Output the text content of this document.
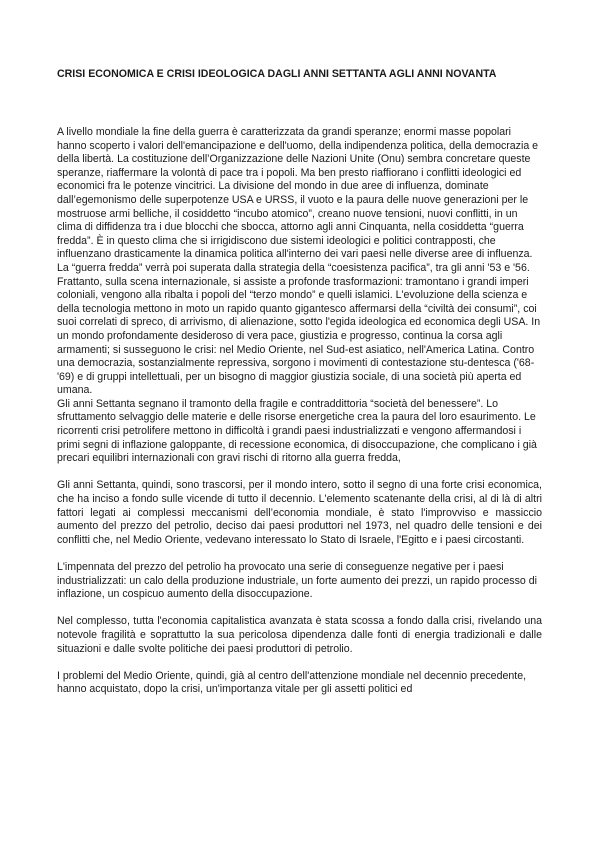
CRISI ECONOMICA E CRISI IDEOLOGICA DAGLI ANNI SETTANTA AGLI ANNI NOVANTA

A livello mondiale la fine della guerra è caratterizzata da grandi speranze; enormi masse popolari hanno scoperto i valori dell'emancipazione e dell'uomo, della indipendenza politica, della democrazia e della libertà. La costituzione dell’Organizzazione delle Nazioni Unite (Onu) sembra concretare queste speranze, riaffermare la volontà di pace tra i popoli. Ma ben presto riaffiorano i conflitti ideologici ed economici fra le potenze vincitrici. La divisione del mondo in due aree di influenza, dominate dall’egemonismo delle superpotenze USA e URSS, il vuoto e la paura delle nuove generazioni per le mostruose armi belliche, il cosiddetto “incubo atomico”, creano nuove tensioni, nuovi conflitti, in un clima di diffidenza tra i due blocchi che sbocca, attorno agli anni Cinquanta, nella cosiddetta “guerra fredda”. È in questo clima che si irrigidiscono due sistemi ideologici e politici contrapposti, che influenzano drasticamente la dinamica politica all'interno dei vari paesi nelle diverse aree di influenza. La “guerra fredda” verrà poi superata dalla strategia della “coesistenza pacifica”, tra gli anni '53 e '56.

Frattanto, sulla scena internazionale, si assiste a profonde trasformazioni: tramontano i grandi imperi coloniali, vengono alla ribalta i popoli del “terzo mondo” e quelli islamici. L'evoluzione della scienza e della tecnologia mettono in moto un rapido quanto gigantesco affermarsi della “civiltà dei consumi”, coi suoi correlati di spreco, di arrivismo, di alienazione, sotto l'egida ideologica ed economica degli USA. In un mondo profondamente desideroso di vera pace, giustizia e progresso, continua la corsa agli armamenti; si susseguono le crisi: nel Medio Oriente, nel Sud-est asiatico, nell'America Latina. Contro una democrazia, sostanzialmente repressiva, sorgono i movimenti di contestazione stu-dentesca ('68-'69) e di gruppi intellettuali, per un bisogno di maggior giustizia sociale, di una società più aperta ed umana.

Gli anni Settanta segnano il tramonto della fragile e contraddittoria “società del benessere”. Lo sfruttamento selvaggio delle materie e delle risorse energetiche crea la paura del loro esaurimento. Le ricorrenti crisi petrolifere mettono in difficoltà i grandi paesi industrializzati e vengono affermandosi i primi segni di inflazione galoppante, di recessione economica, di disoccupazione, che complicano i già precari equilibri internazionali con gravi rischi di ritorno alla guerra fredda,

Gli anni Settanta, quindi, sono trascorsi, per il mondo intero, sotto il segno di una forte crisi economica, che ha inciso a fondo sulle vicende di tutto il decennio. L'elemento scatenante della crisi, al di là di altri fattori legati ai complessi meccanismi dell’economia mondiale, è stato l'improvviso e massiccio aumento del prezzo del petrolio, deciso dai paesi produttori nel 1973, nel quadro delle tensioni e dei conflitti che, nel Medio Oriente, vedevano interessato lo Stato di Israele, l'Egitto e i paesi circostanti.

L'impennata del prezzo del petrolio ha provocato una serie di conseguenze negative per i paesi industrializzati: un calo della produzione industriale, un forte aumento dei prezzi, un rapido processo di inflazione, un cospicuo aumento della disoccupazione.

Nel complesso, tutta l'economia capitalistica avanzata è stata scossa a fondo dalla crisi, rivelando una notevole fragilità e soprattutto la sua pericolosa dipendenza dalle fonti di energia tradizionali e dalle situazioni e dalle svolte politiche dei paesi produttori di petrolio.

I problemi del Medio Oriente, quindi, già al centro dell'attenzione mondiale nel decennio precedente, hanno acquistato, dopo la crisi, un'importanza vitale per gli assetti politici ed
